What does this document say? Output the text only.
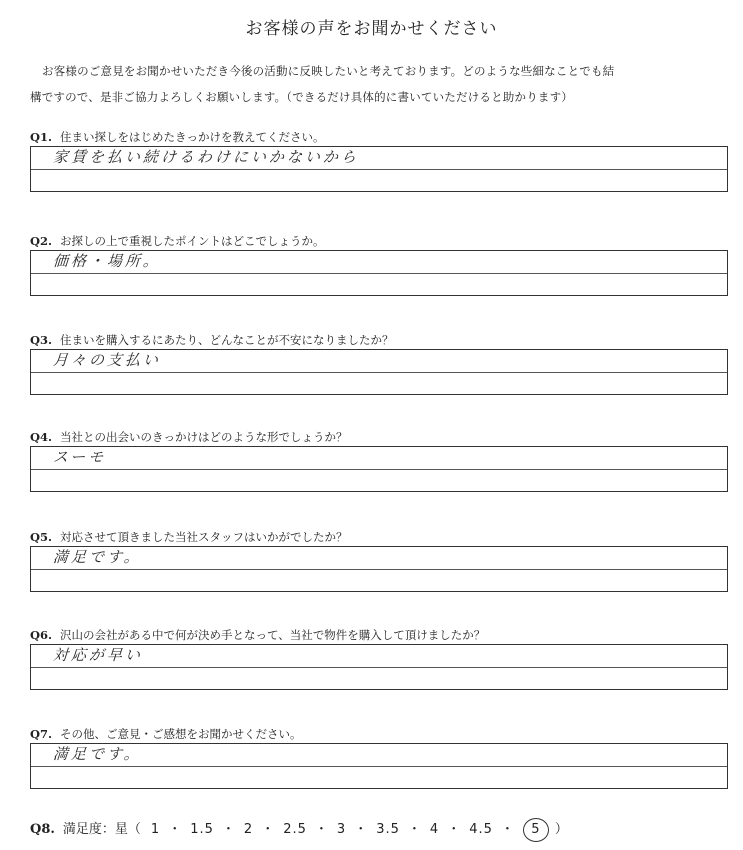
お客様の声をお聞かせください
お客様のご意見をお聞かせいただき今後の活動に反映したいと考えております。どのような些細なことでも結
構ですので、是非ご協力よろしくお願いします。（できるだけ具体的に書いていただけると助かります）
Q1. 住まい探しをはじめたきっかけを教えてください。
家賃を払い続けるわけにいかないから
Q2. お探しの上で重視したポイントはどこでしょうか。
価格・場所。
Q3. 住まいを購入するにあたり、どんなことが不安になりましたか？
月々の支払い
Q4. 当社との出会いのきっかけはどのような形でしょうか？
スーモ
Q5. 対応させて頂きました当社スタッフはいかがでしたか？
満足です。
Q6. 沢山の会社がある中で何が決め手となって、当社で物件を購入して頂けましたか？
対応が早い
Q7. その他、ご意見・ご感想をお聞かせください。
満足です。
Q8. 満足度：星（ 1 ・ 1.5 ・ 2 ・ 2.5 ・ 3 ・ 3.5 ・ 4 ・ 4.5 ・ 5 ）
